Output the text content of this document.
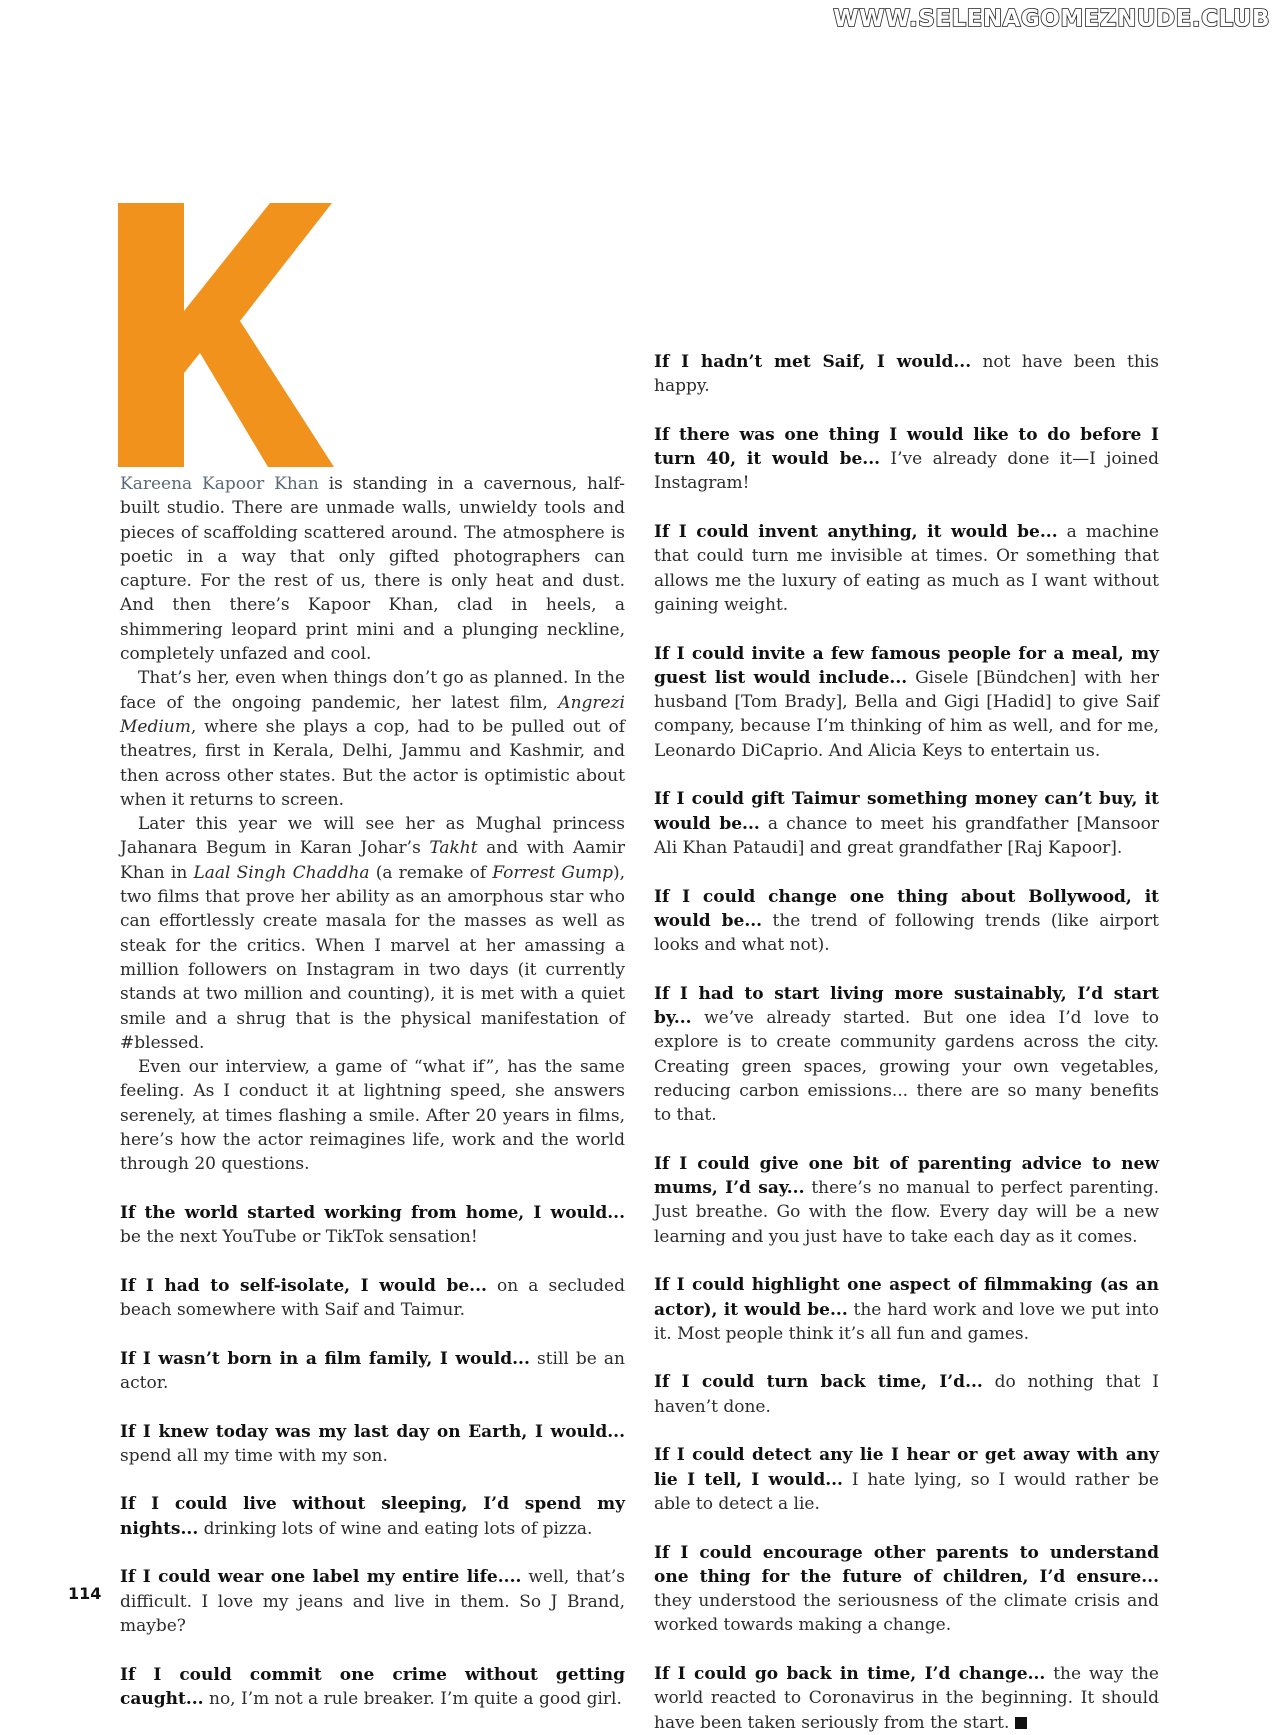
WWW.SELENAGOMEZNUDE.CLUB

Kareena Kapoor Khan is standing in a cavernous, half-built studio. There are unmade walls, unwieldy tools and pieces of scaffolding scattered around. The atmosphere is poetic in a way that only gifted photographers can capture. For the rest of us, there is only heat and dust. And then there’s Kapoor Khan, clad in heels, a shimmering leopard print mini and a plunging neckline, completely unfazed and cool.

That’s her, even when things don’t go as planned. In the face of the ongoing pandemic, her latest film, Angrezi Medium, where she plays a cop, had to be pulled out of theatres, first in Kerala, Delhi, Jammu and Kashmir, and then across other states. But the actor is optimistic about when it returns to screen.

Later this year we will see her as Mughal princess Jahanara Begum in Karan Johar’s Takht and with Aamir Khan in Laal Singh Chaddha (a remake of Forrest Gump), two films that prove her ability as an amorphous star who can effortlessly create masala for the masses as well as steak for the critics. When I marvel at her amassing a million followers on Instagram in two days (it currently stands at two million and counting), it is met with a quiet smile and a shrug that is the physical manifestation of #blessed.

Even our interview, a game of “what if”, has the same feeling. As I conduct it at lightning speed, she answers serenely, at times flashing a smile. After 20 years in films, here’s how the actor reimagines life, work and the world through 20 questions.

If the world started working from home, I would... be the next YouTube or TikTok sensation!

If I had to self-isolate, I would be... on a secluded beach somewhere with Saif and Taimur.

If I wasn’t born in a film family, I would... still be an actor.

If I knew today was my last day on Earth, I would... spend all my time with my son.

If I could live without sleeping, I’d spend my nights... drinking lots of wine and eating lots of pizza.

If I could wear one label my entire life.... well, that’s difficult. I love my jeans and live in them. So J Brand, maybe?

If I could commit one crime without getting caught... no, I’m not a rule breaker. I’m quite a good girl.

If I hadn’t met Saif, I would... not have been this happy.

If there was one thing I would like to do before I turn 40, it would be... I’ve already done it—I joined Instagram!

If I could invent anything, it would be... a machine that could turn me invisible at times. Or something that allows me the luxury of eating as much as I want without gaining weight.

If I could invite a few famous people for a meal, my guest list would include... Gisele [Bündchen] with her husband [Tom Brady], Bella and Gigi [Hadid] to give Saif company, because I’m thinking of him as well, and for me, Leonardo DiCaprio. And Alicia Keys to entertain us.

If I could gift Taimur something money can’t buy, it would be... a chance to meet his grandfather [Mansoor Ali Khan Pataudi] and great grandfather [Raj Kapoor].

If I could change one thing about Bollywood, it would be... the trend of following trends (like airport looks and what not).

If I had to start living more sustainably, I’d start by... we’ve already started. But one idea I’d love to explore is to create community gardens across the city. Creating green spaces, growing your own vegetables, reducing carbon emissions... there are so many benefits to that.

If I could give one bit of parenting advice to new mums, I’d say... there’s no manual to perfect parenting. Just breathe. Go with the flow. Every day will be a new learning and you just have to take each day as it comes.

If I could highlight one aspect of filmmaking (as an actor), it would be... the hard work and love we put into it. Most people think it’s all fun and games.

If I could turn back time, I’d... do nothing that I haven’t done.

If I could detect any lie I hear or get away with any lie I tell, I would... I hate lying, so I would rather be able to detect a lie.

If I could encourage other parents to understand one thing for the future of children, I’d ensure... they understood the seriousness of the climate crisis and worked towards making a change.

If I could go back in time, I’d change... the way the world reacted to Coronavirus in the beginning. It should have been taken seriously from the start.

114
